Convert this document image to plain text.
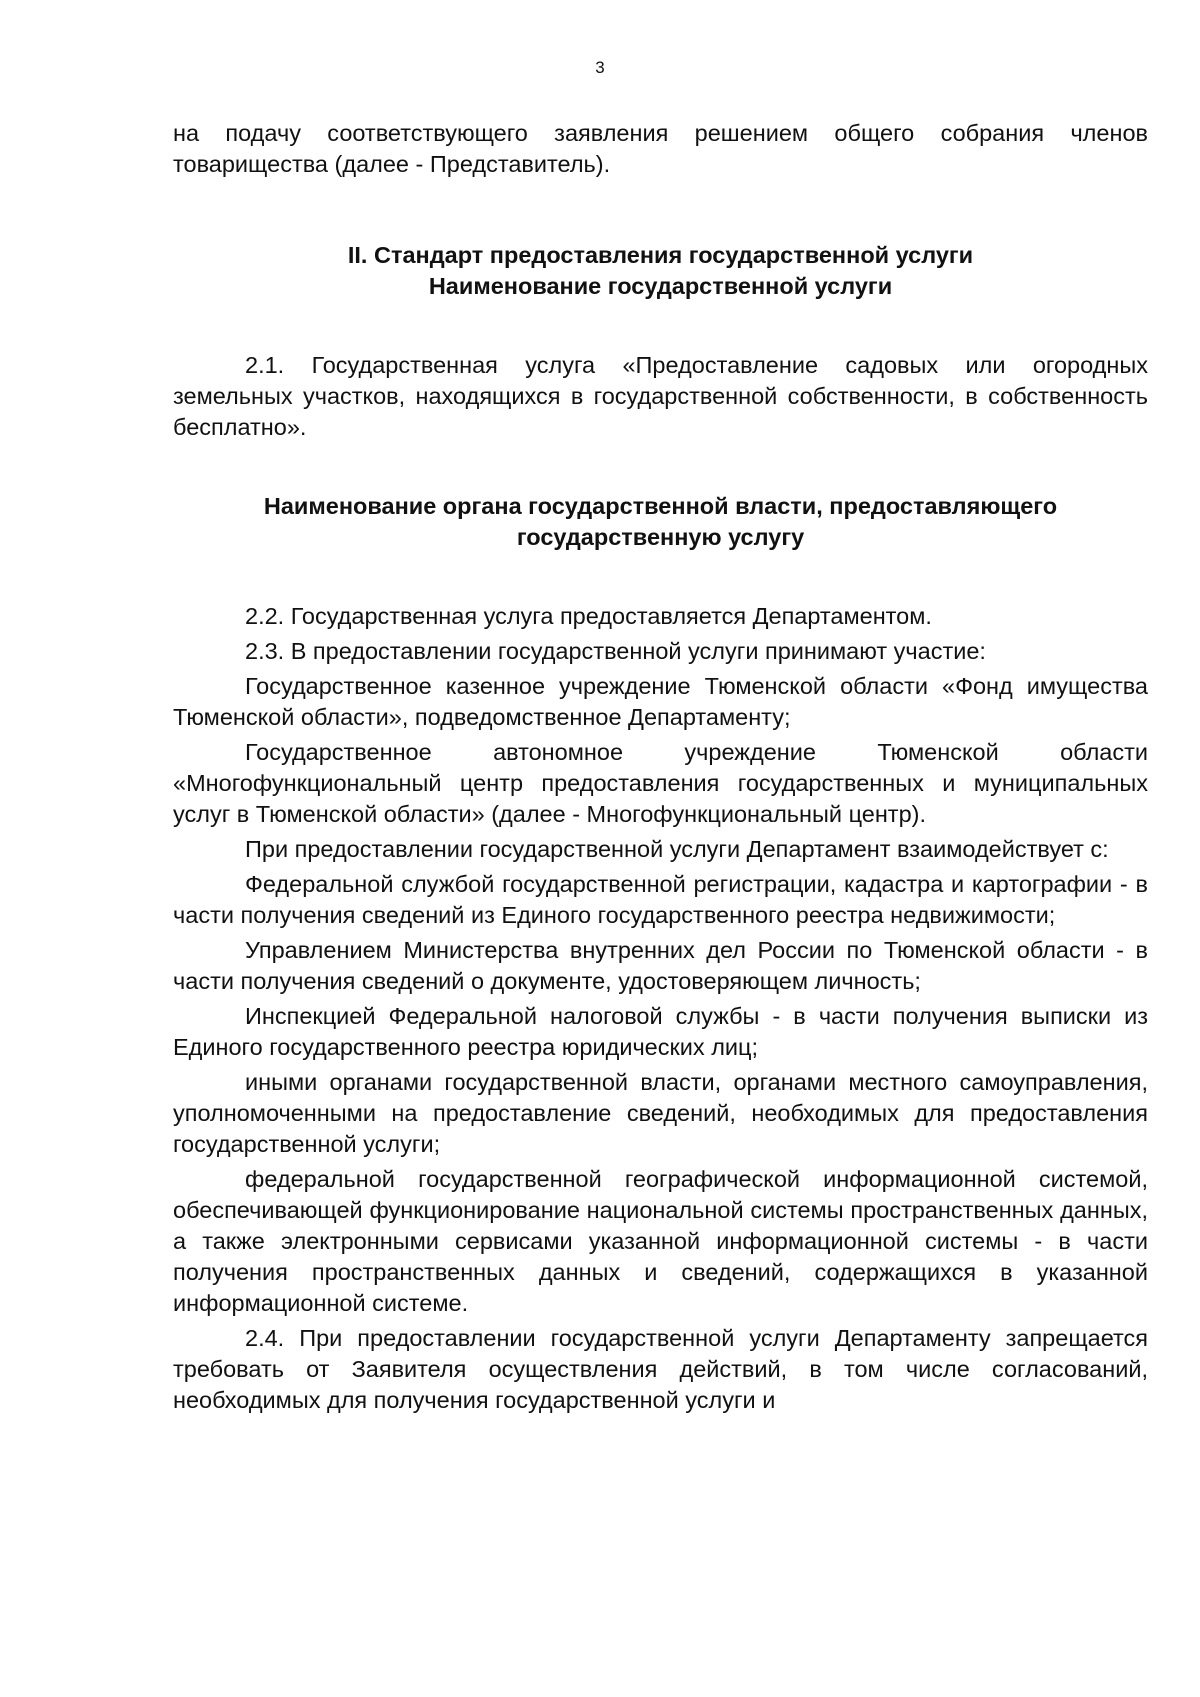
3

на подачу соответствующего заявления решением общего собрания членов товарищества (далее - Представитель).

II. Стандарт предоставления государственной услуги
Наименование государственной услуги

2.1. Государственная услуга «Предоставление садовых или огородных земельных участков, находящихся в государственной собственности, в собственность бесплатно».

Наименование органа государственной власти, предоставляющего
государственную услугу

2.2. Государственная услуга предоставляется Департаментом.

2.3. В предоставлении государственной услуги принимают участие:

Государственное казенное учреждение Тюменской области «Фонд имущества Тюменской области», подведомственное Департаменту;

Государственное автономное учреждение Тюменской области «Многофункциональный центр предоставления государственных и муниципальных услуг в Тюменской области» (далее - Многофункциональный центр).

При предоставлении государственной услуги Департамент взаимодействует с:

Федеральной службой государственной регистрации, кадастра и картографии - в части получения сведений из Единого государственного реестра недвижимости;

Управлением Министерства внутренних дел России по Тюменской области - в части получения сведений о документе, удостоверяющем личность;

Инспекцией Федеральной налоговой службы - в части получения выписки из Единого государственного реестра юридических лиц;

иными органами государственной власти, органами местного самоуправления, уполномоченными на предоставление сведений, необходимых для предоставления государственной услуги;

федеральной государственной географической информационной системой, обеспечивающей функционирование национальной системы пространственных данных, а также электронными сервисами указанной информационной системы - в части получения пространственных данных и сведений, содержащихся в указанной информационной системе.

2.4. При предоставлении государственной услуги Департаменту запрещается требовать от Заявителя осуществления действий, в том числе согласований, необходимых для получения государственной услуги и
